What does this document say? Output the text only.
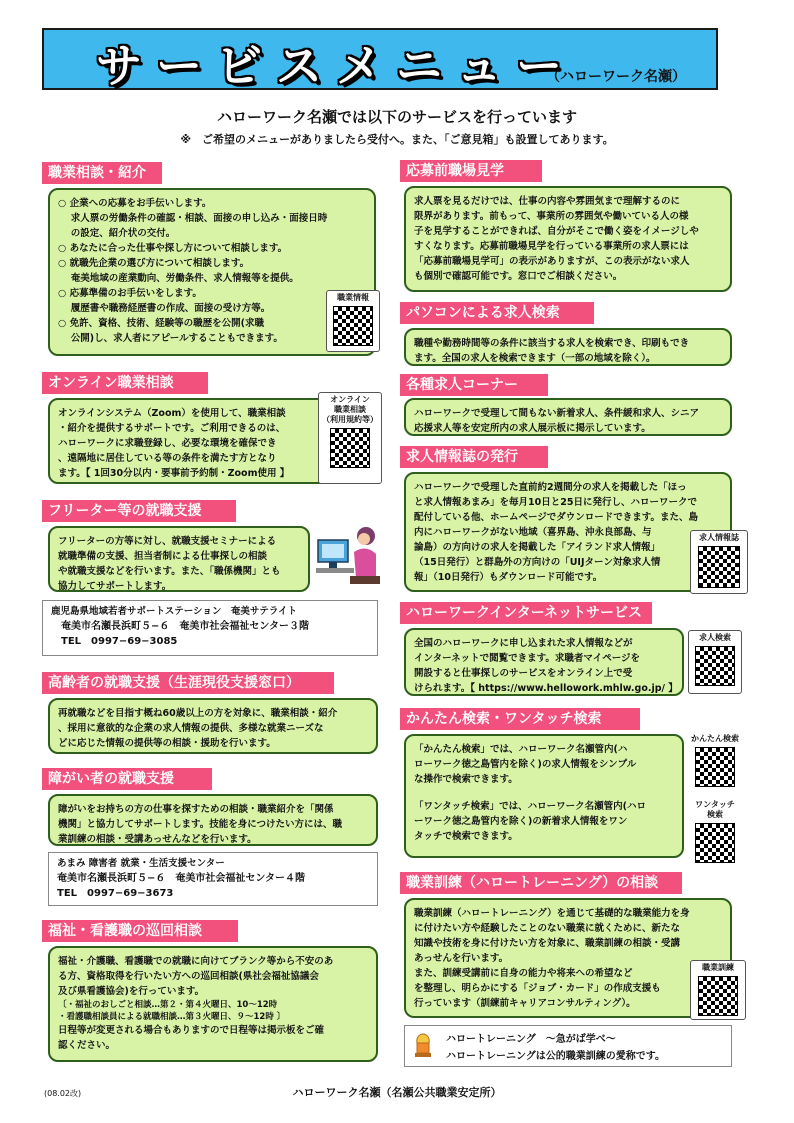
サービスメニュー
（ハローワーク名瀬）
ハローワーク名瀬では以下のサービスを行っています
※　ご希望のメニューがありましたら受付へ。また、「ご意見箱」も設置してあります。
職業相談・紹介

○ 企業への応募をお手伝いします。

　 求人票の労働条件の確認・相談、面接の申し込み・面接日時

　 の設定、紹介状の交付。

○ あなたに合った仕事や探し方について相談します。

○ 就職先企業の選び方について相談します。

　 奄美地域の産業動向、労働条件、求人情報等を提供。

○ 応募準備のお手伝いをします。

　 履歴書や職務経歴書の作成、面接の受け方等。

○ 免許、資格、技術、経験等の職歴を公開(求職

　 公開)し、求人者にアピールすることもできます。

職業情報
オンライン職業相談

オンラインシステム（Zoom）を使用して、職業相談

・紹介を提供するサポートです。ご利用できるのは、

ハローワークに求職登録し、必要な環境を確保でき

、遠隔地に居住している等の条件を満たす方となり

ます。【 1回30分以内・要事前予約制・Zoom使用 】

オンライン
職業相談
（利用規約等）
フリーター等の就職支援

フリーターの方等に対し、就職支援セミナーによる

就職準備の支援、担当者制による仕事探しの相談

や就職支援などを行います。また、「職係機関」とも

協力してサポートします。

鹿児島県地域若者サポートステーション　奄美サテライト
　奄美市名瀬長浜町５−６　奄美市社会福祉センター３階
　TEL　0997−69−3085
高齢者の就職支援（生涯現役支援窓口）

再就職などを目指す概ね60歳以上の方を対象に、職業相談・紹介

、採用に意欲的な企業の求人情報の提供、多様な就業ニーズな

どに応じた情報の提供等の相談・援助を行います。

障がい者の就職支援

障がいをお持ちの方の仕事を探すための相談・職業紹介を「関係

機関」と協力してサポートします。技能を身につけたい方には、職

業訓練の相談・受講あっせんなどを行います。

あまみ 障害者 就業・生活支援センター
奄美市名瀬長浜町５−６　奄美市社会福祉センター４階
TEL　0997−69−3673
福祉・看護職の巡回相談

福祉・介護職、看護職での就職に向けてブランク等から不安のあ

る方、資格取得を行いたい方への巡回相談(県社会福祉協議会

及び県看護協会)を行っています。

〔・福祉のおしごと相談…第２・第４火曜日、10〜12時

・看護職相談員による就職相談…第３火曜日、９〜12時 〕

日程等が変更される場合もありますので日程等は掲示板をご確

認ください。

応募前職場見学

求人票を見るだけでは、仕事の内容や雰囲気まで理解するのに

限界があります。前もって、事業所の雰囲気や働いている人の様

子を見学することができれば、自分がそこで働く姿をイメージしや

すくなります。応募前職場見学を行っている事業所の求人票には

「応募前職場見学可」の表示がありますが、この表示がない求人

も個別で確認可能です。窓口でご相談ください。

パソコンによる求人検索

職種や勤務時間等の条件に該当する求人を検索でき、印刷もでき

ます。全国の求人を検索できます（一部の地域を除く）。

各種求人コーナー

ハローワークで受理して間もない新着求人、条件緩和求人、シニア

応援求人等を安定所内の求人展示板に掲示しています。

求人情報誌の発行

ハローワークで受理した直前約2週間分の求人を掲載した「ほっ

と求人情報あまみ」を毎月10日と25日に発行し、ハローワークで

配付している他、ホームページでダウンロードできます。また、島

内にハローワークがない地域（喜界島、沖永良部島、与

論島）の方向けの求人を掲載した「アイランド求人情報」

（15日発行）と群島外の方向けの「UIJターン対象求人情

報」（10日発行）もダウンロード可能です。

求人情報誌
ハローワークインターネットサービス

全国のハローワークに申し込まれた求人情報などが

インターネットで閲覧できます。求職者マイページを

開設すると仕事探しのサービスをオンライン上で受

けられます。【 https://www.hellowork.mhlw.go.jp/ 】

求人検索
かんたん検索・ワンタッチ検索

「かんたん検索」では、ハローワーク名瀬管内(ハ

ローワーク徳之島管内を除く)の求人情報をシンプル

な操作で検索できます。

「ワンタッチ検索」では、ハローワーク名瀬管内(ハロ

ーワーク徳之島管内を除く)の新着求人情報をワン

タッチで検索できます。

かんたん検索
ワンタッチ
検索
職業訓練（ハロートレーニング）の相談

職業訓練（ハロートレーニング）を通じて基礎的な職業能力を身

に付けたい方や経験したことのない職業に就くために、新たな

知識や技術を身に付けたい方を対象に、職業訓練の相談・受講

あっせんを行います。

また、訓練受講前に自身の能力や将来への希望など

を整理し、明らかにする「ジョブ・カード」の作成支援も

行っています（訓練前キャリアコンサルティング）。

職業訓練
ハロートレーニング　〜急がば学べ〜
ハロートレーニングは公的職業訓練の愛称です。
(08.02改)	ハローワーク名瀬（名瀬公共職業安定所）
